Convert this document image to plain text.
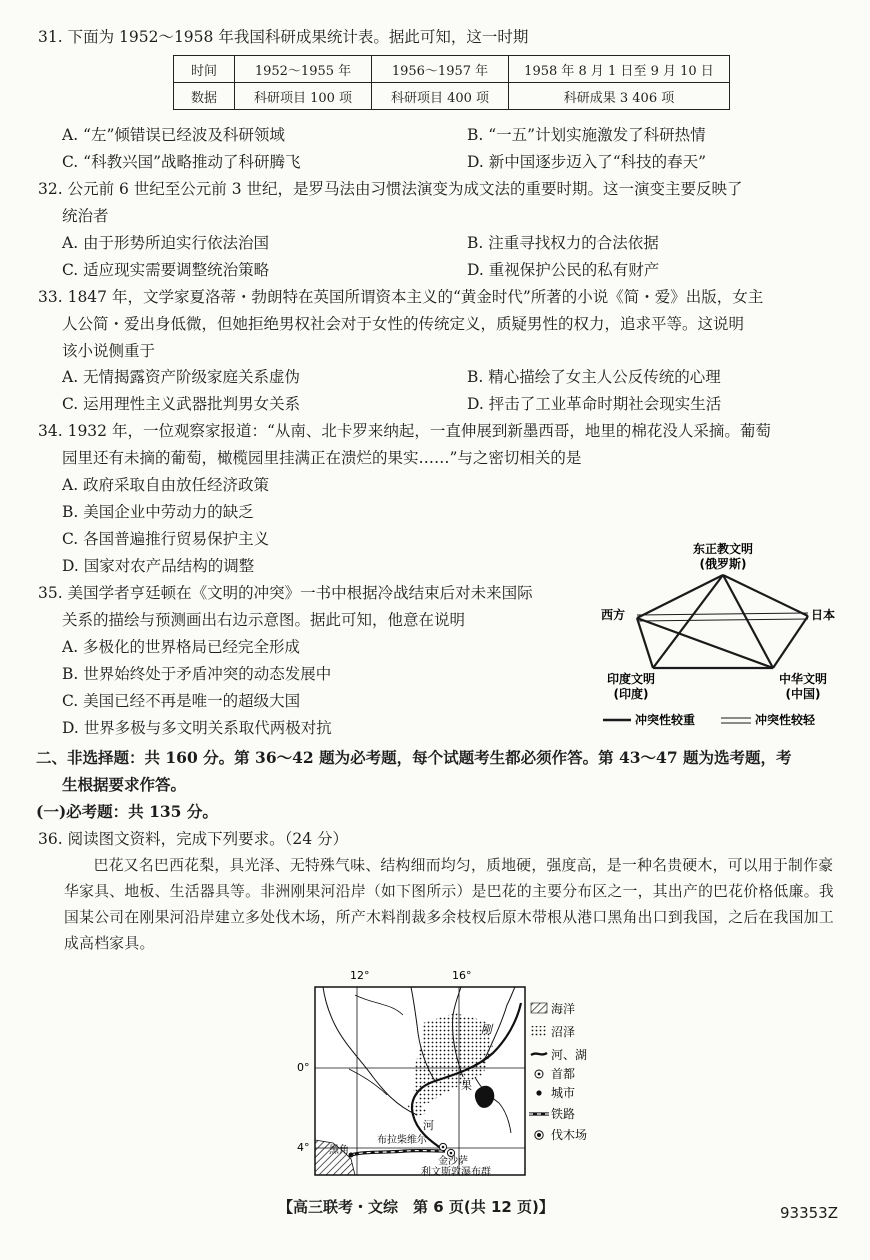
31. 下面为 1952～1958 年我国科研成果统计表。据此可知，这一时期
时间	1952～1955 年	1956～1957 年	1958 年 8 月 1 日至 9 月 10 日
数据	科研项目 100 项	科研项目 400 项	科研成果 3 406 项
A. “左”倾错误已经波及科研领域	B. “一五”计划实施激发了科研热情
C. “科教兴国”战略推动了科研腾飞	D. 新中国逐步迈入了“科技的春天”
32. 公元前 6 世纪至公元前 3 世纪，是罗马法由习惯法演变为成文法的重要时期。这一演变主要反映了
统治者
A. 由于形势所迫实行依法治国	B. 注重寻找权力的合法依据
C. 适应现实需要调整统治策略	D. 重视保护公民的私有财产
33. 1847 年，文学家夏洛蒂・勃朗特在英国所谓资本主义的“黄金时代”所著的小说《简・爱》出版，女主
人公简・爱出身低微，但她拒绝男权社会对于女性的传统定义，质疑男性的权力，追求平等。这说明
该小说侧重于
A. 无情揭露资产阶级家庭关系虚伪	B. 精心描绘了女主人公反传统的心理
C. 运用理性主义武器批判男女关系	D. 抨击了工业革命时期社会现实生活
34. 1932 年，一位观察家报道：“从南、北卡罗来纳起，一直伸展到新墨西哥，地里的棉花没人采摘。葡萄
园里还有未摘的葡萄，橄榄园里挂满正在溃烂的果实……”与之密切相关的是
A. 政府采取自由放任经济政策
B. 美国企业中劳动力的缺乏
C. 各国普遍推行贸易保护主义
D. 国家对农产品结构的调整
35. 美国学者亨廷顿在《文明的冲突》一书中根据冷战结束后对未来国际
关系的描绘与预测画出右边示意图。据此可知，他意在说明
A. 多极化的世界格局已经完全形成
B. 世界始终处于矛盾冲突的动态发展中
C. 美国已经不再是唯一的超级大国
D. 世界多极与多文明关系取代两极对抗
东正教文明
(俄罗斯)
西方	日本
印度文明
(印度)
中华文明
(中国)
冲突性较重	冲突性较轻
二、非选择题：共 160 分。第 36～42 题为必考题，每个试题考生都必须作答。第 43～47 题为选考题，考
生根据要求作答。
(一)必考题：共 135 分。
36. 阅读图文资料，完成下列要求。（24 分）
巴花又名巴西花梨，具光泽、无特殊气味、结构细而均匀，质地硬，强度高，是一种名贵硬木，可以用于制作豪华家具、地板、生活器具等。非洲刚果河沿岸（如下图所示）是巴花的主要分布区之一，其出产的巴花价格低廉。我国某公司在刚果河沿岸建立多处伐木场，所产木料削裁多余枝杈后原木带根从港口黑角出口到我国，之后在我国加工成高档家具。
12°	16°
0°
4°
刚
果
河
布拉柴维尔
黑角
金沙萨
利文斯敦瀑布群
海洋
沼泽
河、湖
首都
城市
铁路
伐木场
【高三联考・文综　第 6 页(共 12 页)】	93353Z
